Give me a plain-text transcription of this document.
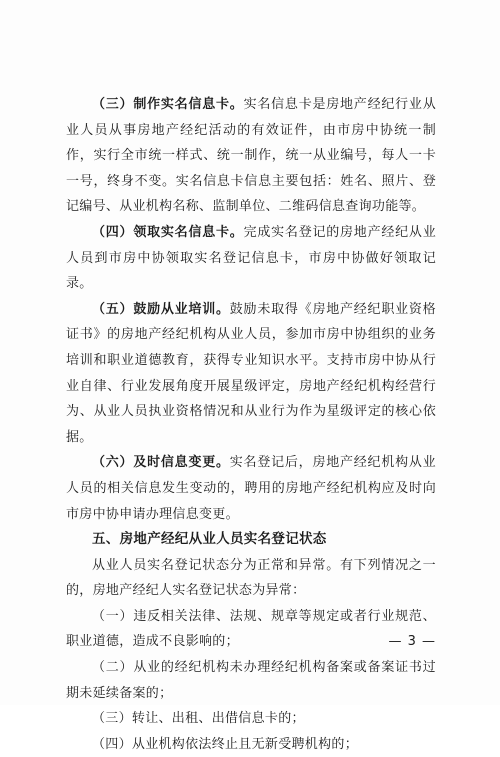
（三）制作实名信息卡。实名信息卡是房地产经纪行业从业人员从事房地产经纪活动的有效证件，由市房中协统一制作，实行全市统一样式、统一制作，统一从业编号，每人一卡一号，终身不变。实名信息卡信息主要包括：姓名、照片、登记编号、从业机构名称、监制单位、二维码信息查询功能等。

（四）领取实名信息卡。完成实名登记的房地产经纪从业人员到市房中协领取实名登记信息卡，市房中协做好领取记录。

（五）鼓励从业培训。鼓励未取得《房地产经纪职业资格证书》的房地产经纪机构从业人员，参加市房中协组织的业务培训和职业道德教育，获得专业知识水平。支持市房中协从行业自律、行业发展角度开展星级评定，房地产经纪机构经营行为、从业人员执业资格情况和从业行为作为星级评定的核心依据。

（六）及时信息变更。实名登记后，房地产经纪机构从业人员的相关信息发生变动的，聘用的房地产经纪机构应及时向市房中协申请办理信息变更。

五、房地产经纪从业人员实名登记状态

从业人员实名登记状态分为正常和异常。有下列情况之一的，房地产经纪人实名登记状态为异常：

（一）违反相关法律、法规、规章等规定或者行业规范、职业道德，造成不良影响的；

（二）从业的经纪机构未办理经纪机构备案或备案证书过期未延续备案的；

（三）转让、出租、出借信息卡的；

（四）从业机构依法终止且无新受聘机构的；

— 3 —
